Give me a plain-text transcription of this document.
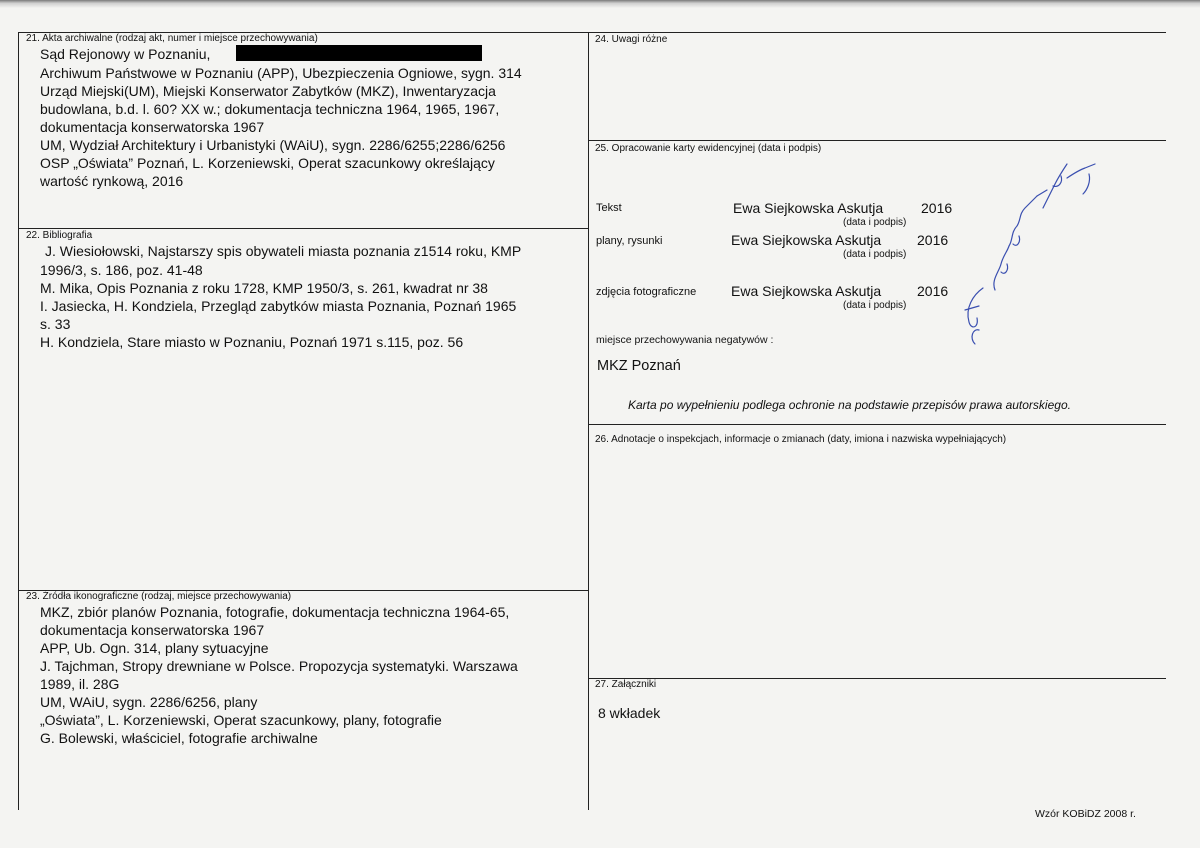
21. Akta archiwalne (rodzaj akt, numer i miejsce przechowywania)
Sąd Rejonowy w Poznaniu,
Archiwum Państwowe w Poznaniu (APP), Ubezpieczenia Ogniowe, sygn. 314
Urząd Miejski(UM), Miejski Konserwator Zabytków (MKZ), Inwentaryzacja
budowlana, b.d. l. 60? XX w.; dokumentacja techniczna 1964, 1965, 1967,
dokumentacja konserwatorska 1967
UM, Wydział Architektury i Urbanistyki (WAiU), sygn. 2286/6255;2286/6256
OSP „Oświata” Poznań, L. Korzeniewski, Operat szacunkowy określający
wartość rynkową, 2016
22. Bibliografia
J. Wiesiołowski, Najstarszy spis obywateli miasta poznania z1514 roku, KMP
1996/3, s. 186, poz. 41-48
M. Mika, Opis Poznania z roku 1728, KMP 1950/3, s. 261, kwadrat nr 38
I. Jasiecka, H. Kondziela, Przegląd zabytków miasta Poznania, Poznań 1965
s. 33
H. Kondziela, Stare miasto w Poznaniu, Poznań 1971 s.115, poz. 56
23. Źródła ikonograficzne (rodzaj, miejsce przechowywania)
MKZ, zbiór planów Poznania, fotografie, dokumentacja techniczna 1964-65,
dokumentacja konserwatorska 1967
APP, Ub. Ogn. 314, plany sytuacyjne
J. Tajchman, Stropy drewniane w Polsce. Propozycja systematyki. Warszawa
1989, il. 28G
UM, WAiU, sygn. 2286/6256, plany
„Oświata”, L. Korzeniewski, Operat szacunkowy, plany, fotografie
G. Bolewski, właściciel, fotografie archiwalne
24. Uwagi różne
25. Opracowanie karty ewidencyjnej (data i podpis)
Tekst	Ewa Siejkowska Askutja	2016
(data i podpis)
plany, rysunki	Ewa Siejkowska Askutja	2016
(data i podpis)
zdjęcia fotograficzne Ewa Siejkowska Askutja	2016
(data i podpis)
miejsce przechowywania negatywów :
MKZ Poznań
Karta po wypełnieniu podlega ochronie na podstawie przepisów prawa autorskiego.
26. Adnotacje o inspekcjach, informacje o zmianach (daty, imiona i nazwiska wypełniających)
27. Załączniki
8 wkładek
Wzór KOBiDZ 2008 r.
